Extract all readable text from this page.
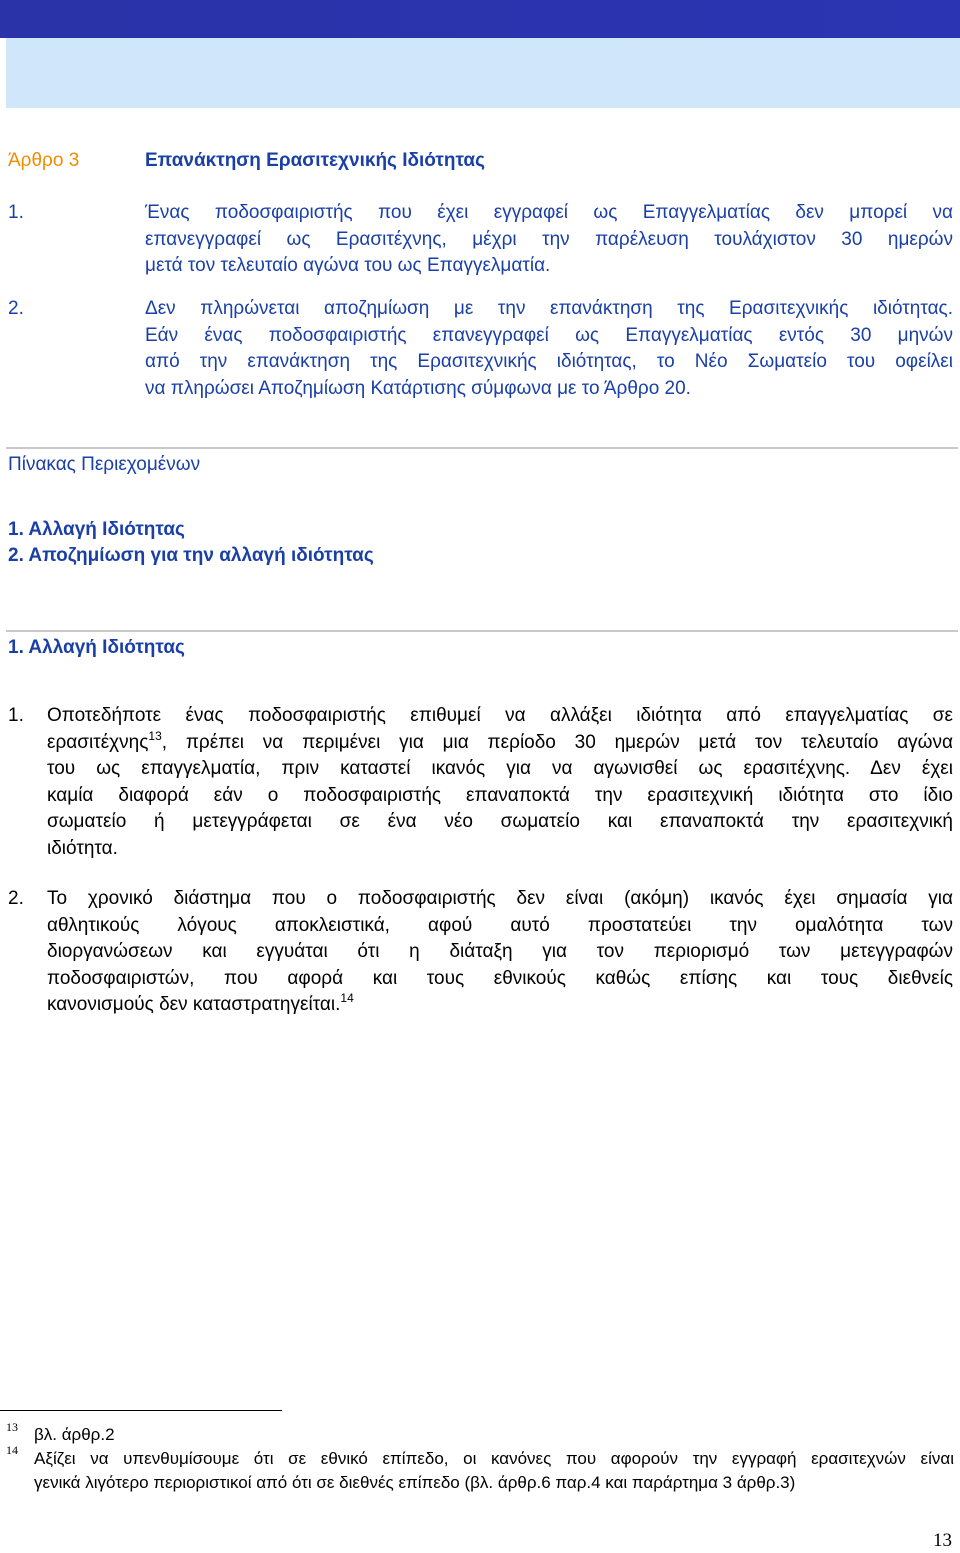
Άρθρο 3	Επανάκτηση Ερασιτεχνικής Ιδιότητας
1.	Ένας ποδοσφαιριστής που έχει εγγραφεί ως Επαγγελματίας δεν μπορεί να
επανεγγραφεί ως Ερασιτέχνης, μέχρι την παρέλευση τουλάχιστον 30 ημερών
μετά τον τελευταίο αγώνα του ως Επαγγελματία.
2.	Δεν πληρώνεται αποζημίωση με την επανάκτηση της Ερασιτεχνικής ιδιότητας.
Εάν ένας ποδοσφαιριστής επανεγγραφεί ως Επαγγελματίας εντός 30 μηνών
από την επανάκτηση της Ερασιτεχνικής ιδιότητας, το Νέο Σωματείο του οφείλει
να πληρώσει Αποζημίωση Κατάρτισης σύμφωνα με το Άρθρο 20.
Πίνακας Περιεχομένων
1. Αλλαγή Ιδιότητας
2. Αποζημίωση για την αλλαγή ιδιότητας
1. Αλλαγή Ιδιότητας
1. Οποτεδήποτε ένας ποδοσφαιριστής επιθυμεί να αλλάξει ιδιότητα από επαγγελματίας σε
ερασιτέχνης$^{13}$, πρέπει να περιμένει για μια περίοδο 30 ημερών μετά τον τελευταίο αγώνα
του ως επαγγελματία, πριν καταστεί ικανός για να αγωνισθεί ως ερασιτέχνης. Δεν έχει
καμία διαφορά εάν ο ποδοσφαιριστής επαναποκτά την ερασιτεχνική ιδιότητα στο ίδιο
σωματείο ή μετεγγράφεται σε ένα νέο σωματείο και επαναποκτά την ερασιτεχνική
ιδιότητα.
2. Το χρονικό διάστημα που ο ποδοσφαιριστής δεν είναι (ακόμη) ικανός έχει σημασία για
αθλητικούς λόγους αποκλειστικά, αφού αυτό προστατεύει την ομαλότητα των
διοργανώσεων και εγγυάται ότι η διάταξη για τον περιορισμό των μετεγγραφών
ποδοσφαιριστών, που αφορά και τους εθνικούς καθώς επίσης και τους διεθνείς
κανονισμούς δεν καταστρατηγείται.$^{14}$
13 βλ. άρθρ.2
14 Αξίζει να υπενθυμίσουμε ότι σε εθνικό επίπεδο, οι κανόνες που αφορούν την εγγραφή ερασιτεχνών είναι
γενικά λιγότερο περιοριστικοί από ότι σε διεθνές επίπεδο (βλ. άρθρ.6 παρ.4 και παράρτημα 3 άρθρ.3)
13
